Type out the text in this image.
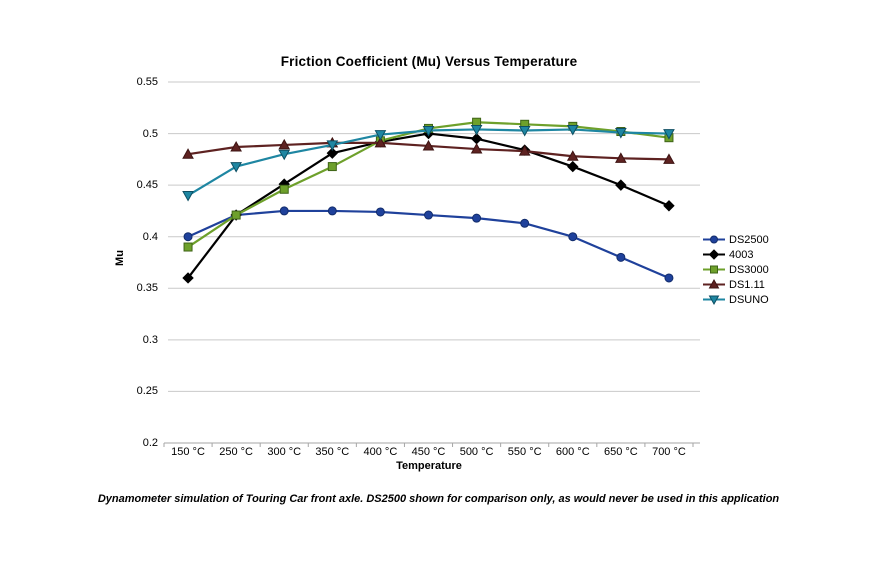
Friction Coefficient (Mu) Versus Temperature
Mu
Temperature
0.55
0.5
0.45
0.4
0.35
0.3
0.25
0.2
150 °C 250 °C 300 °C 350 °C 400 °C 450 °C 500 °C 550 °C 600 °C 650 °C 700 °C
DS2500
4003
DS3000
DS1.11
DSUNO
Dynamometer simulation of Touring Car front axle. DS2500 shown for comparison only, as would never be used in this application
